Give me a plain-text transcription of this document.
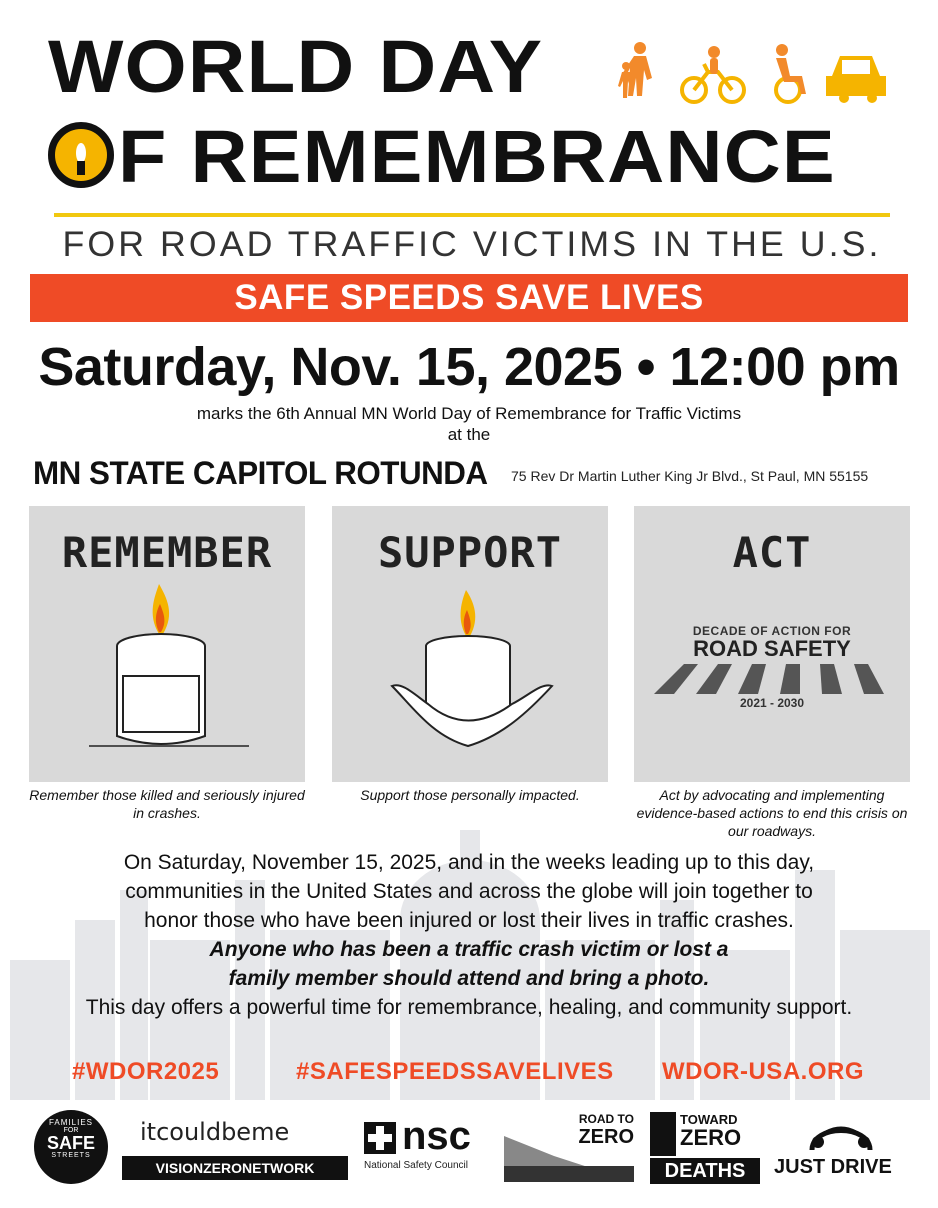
WORLD DAY
F REMEMBRANCE
FOR ROAD TRAFFIC VICTIMS IN THE U.S.
SAFE SPEEDS SAVE LIVES
Saturday, Nov. 15, 2025 • 12:00 pm
marks the 6th Annual MN World Day of Remembrance for Traffic Victims
at the
MN STATE CAPITOL ROTUNDA 75 Rev Dr Martin Luther King Jr Blvd., St Paul, MN 55155
REMEMBER	SUPPORT	ACT
DECADE OF ACTION FOR
ROAD SAFETY
2021 - 2030
Remember those killed and seriously injured in crashes.
Support those personally impacted.	Act by advocating and implementing evidence-based actions to end this crisis on our roadways.
On Saturday, November 15, 2025, and in the weeks leading up to this day,
communities in the United States and across the globe will join together to
honor those who have been injured or lost their lives in traffic crashes.
Anyone who has been a traffic crash victim or lost a
family member should attend and bring a photo.
This day offers a powerful time for remembrance, healing, and community support.
#WDOR2025	#SAFESPEEDSSAVELIVES WDOR-USA.ORG
FAMILIES
FOR
SAFE
STREETS
itcouldbeme
VISIONZERONETWORK
nsc
National Safety Council
ROAD TO
ZERO
TOWARD
ZERO
DEATHS	JUST DRIVE
